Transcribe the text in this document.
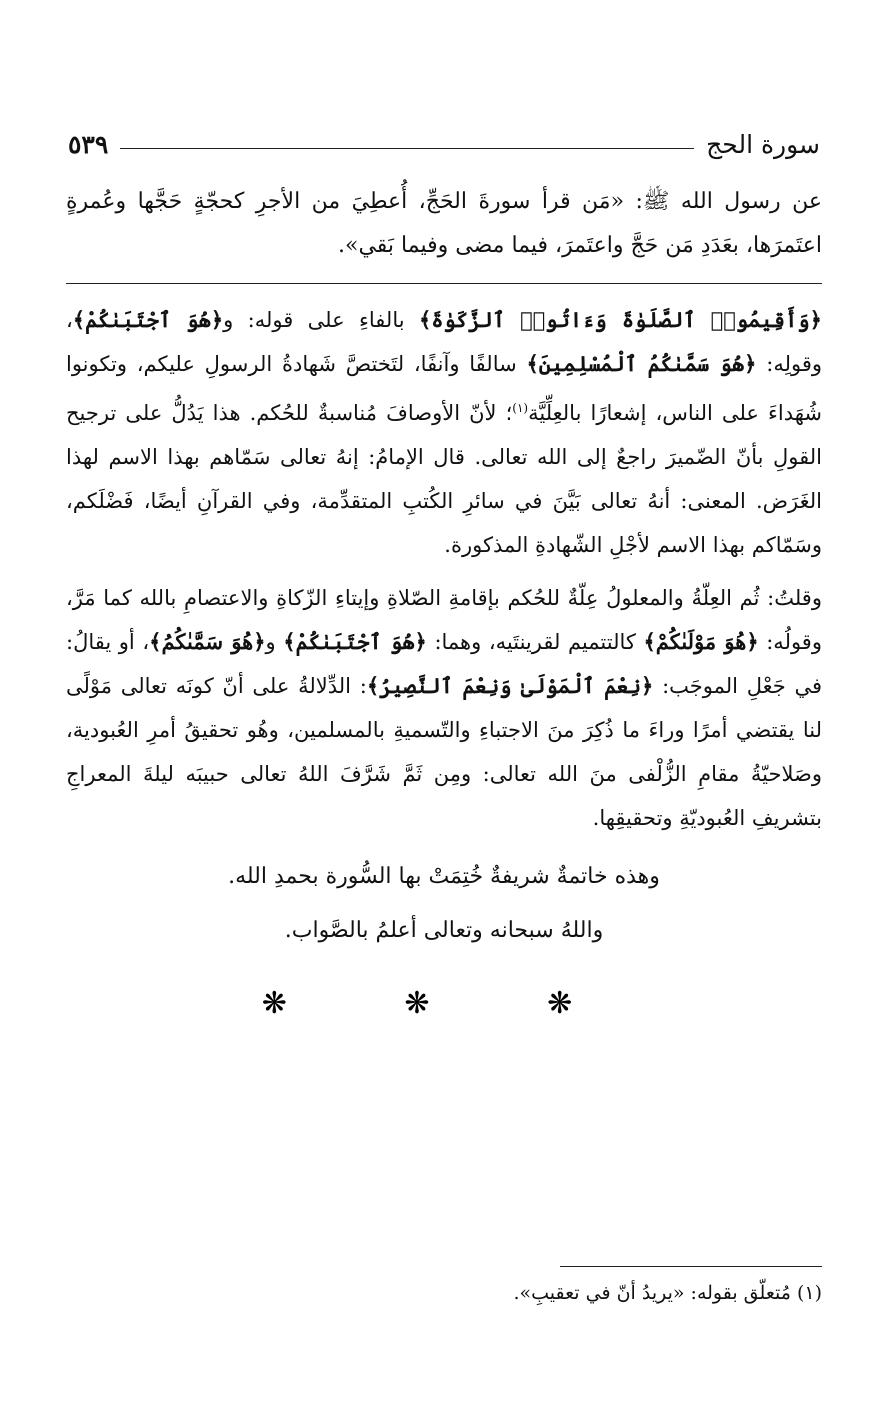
سورة الحج
٥٣٩

عن رسول الله ﷺ: «مَن قرأ سورةَ الحَجِّ، أُعطِيَ من الأجرِ كحجّةٍ حَجَّها وعُمرةٍ اعتَمرَها، بعَدَدِ مَن حَجَّ واعتَمرَ، فيما مضى وفيما بَقي».

﴿وَأَقِيمُوا۟ ٱلصَّلَوٰةَ وَءَاتُوا۟ ٱلزَّكَوٰةَ﴾ بالفاءِ على قوله: و﴿هُوَ ٱجْتَبَىٰكُمْ﴾، وقولِه: ﴿هُوَ سَمَّىٰكُمُ ٱلْمُسْلِمِينَ﴾ سالفًا وآنفًا، لتَختصَّ شَهادةُ الرسولِ عليكم، وتكونوا شُهَداءَ على الناس، إشعارًا بالعِلِّيَّة$^{(١)}$؛ لأنّ الأوصافَ مُناسبةٌ للحُكم. هذا يَدُلُّ على ترجيح القولِ بأنّ الضّميرَ راجعٌ إلى الله تعالى. قال الإمامُ: إنهُ تعالى سَمّاهم بهذا الاسم لهذا الغَرَض. المعنى: أنهُ تعالى بَيَّنَ في سائرِ الكُتبِ المتقدِّمة، وفي القرآنِ أيضًا، فَضْلَكم، وسَمّاكم بهذا الاسم لأجْلِ الشّهادةِ المذكورة.

وقلتُ: ثُم العِلّةُ والمعلولُ عِلّةٌ للحُكم بإقامةِ الصّلاةِ وإيتاءِ الزّكاةِ والاعتصامِ بالله كما مَرَّ، وقولُه: ﴿هُوَ مَوْلَىٰكُمْ﴾ كالتتميم لقرينتَيه، وهما: ﴿هُوَ ٱجْتَبَىٰكُمْ﴾ و﴿هُوَ سَمَّىٰكُمُ﴾، أو يقالُ: في جَعْلِ الموجَب: ﴿نِعْمَ ٱلْمَوْلَىٰ وَنِعْمَ ٱلنَّصِيرُ﴾: الدِّلالةُ على أنّ كونَه تعالى مَوْلًى لنا يقتضي أمرًا وراءَ ما ذُكِرَ منَ الاجتباءِ والتّسميةِ بالمسلمين، وهُو تحقيقُ أمرِ العُبودية، وصَلاحيّةُ مقامِ الزُّلْفى منَ الله تعالى: ومِن ثَمَّ شَرَّفَ اللهُ تعالى حبيبَه ليلةَ المعراجِ بتشريفِ العُبوديّةِ وتحقيقِها.

وهذه خاتمةٌ شريفةٌ خُتِمَتْ بها السُّورة بحمدِ الله.

واللهُ سبحانه وتعالى أعلمُ بالصَّواب.

❋ ❋ ❋

(١) مُتعلّق بقوله: «يريدُ أنّ في تعقيبِ».
